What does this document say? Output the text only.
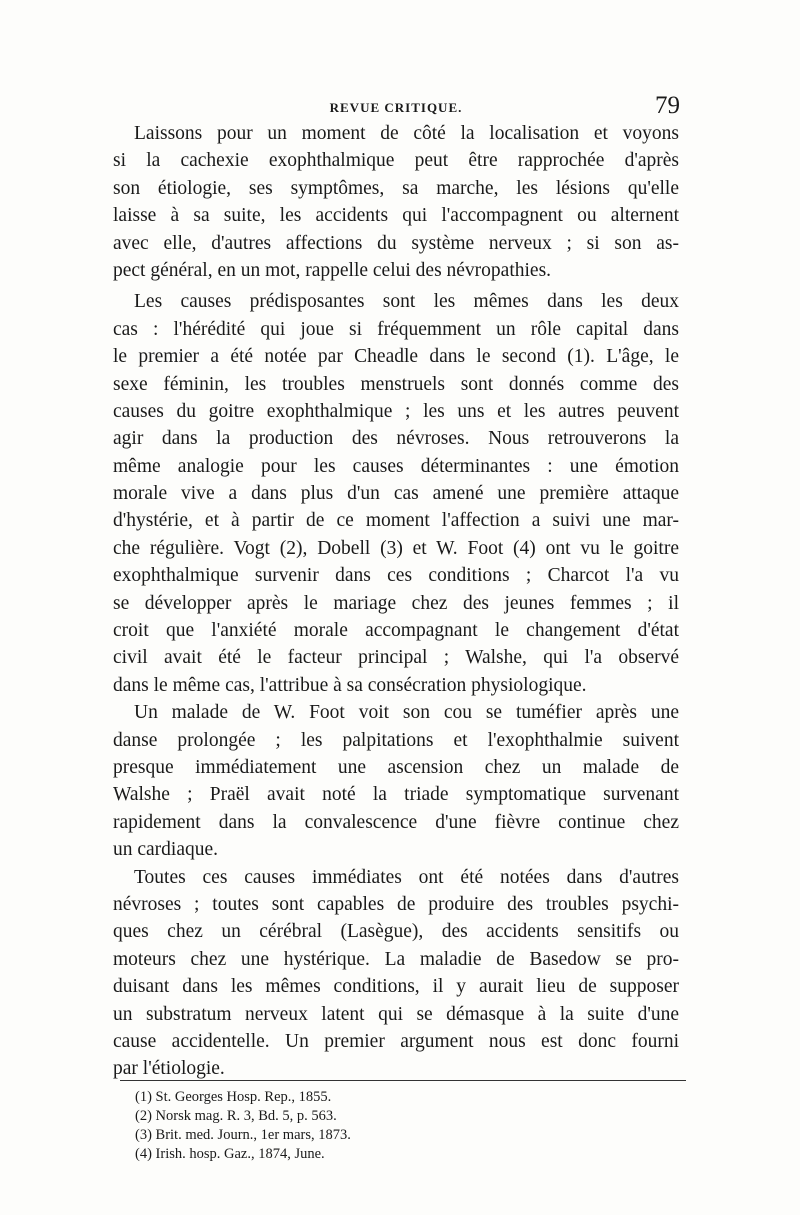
REVUE CRITIQUE.	79
Laissons pour un moment de côté la localisation et voyons
si la cachexie exophthalmique peut être rapprochée d'après
son étiologie, ses symptômes, sa marche, les lésions qu'elle
laisse à sa suite, les accidents qui l'accompagnent ou alternent
avec elle, d'autres affections du système nerveux ; si son as-
pect général, en un mot, rappelle celui des névropathies.
Les causes prédisposantes sont les mêmes dans les deux
cas : l'hérédité qui joue si fréquemment un rôle capital dans
le premier a été notée par Cheadle dans le second (1). L'âge, le
sexe féminin, les troubles menstruels sont donnés comme des
causes du goitre exophthalmique ; les uns et les autres peuvent
agir dans la production des névroses. Nous retrouverons la
même analogie pour les causes déterminantes : une émotion
morale vive a dans plus d'un cas amené une première attaque
d'hystérie, et à partir de ce moment l'affection a suivi une mar-
che régulière. Vogt (2), Dobell (3) et W. Foot (4) ont vu le goitre
exophthalmique survenir dans ces conditions ; Charcot l'a vu
se développer après le mariage chez des jeunes femmes ; il
croit que l'anxiété morale accompagnant le changement d'état
civil avait été le facteur principal ; Walshe, qui l'a observé
dans le même cas, l'attribue à sa consécration physiologique.
Un malade de W. Foot voit son cou se tuméfier après une
danse prolongée ; les palpitations et l'exophthalmie suivent
presque immédiatement une ascension chez un malade de
Walshe ; Praël avait noté la triade symptomatique survenant
rapidement dans la convalescence d'une fièvre continue chez
un cardiaque.
Toutes ces causes immédiates ont été notées dans d'autres
névroses ; toutes sont capables de produire des troubles psychi-
ques chez un cérébral (Lasègue), des accidents sensitifs ou
moteurs chez une hystérique. La maladie de Basedow se pro-
duisant dans les mêmes conditions, il y aurait lieu de supposer
un substratum nerveux latent qui se démasque à la suite d'une
cause accidentelle. Un premier argument nous est donc fourni
par l'étiologie.
(1) St. Georges Hosp. Rep., 1855.
(2) Norsk mag. R. 3, Bd. 5, p. 563.
(3) Brit. med. Journ., 1er mars, 1873.
(4) Irish. hosp. Gaz., 1874, June.
